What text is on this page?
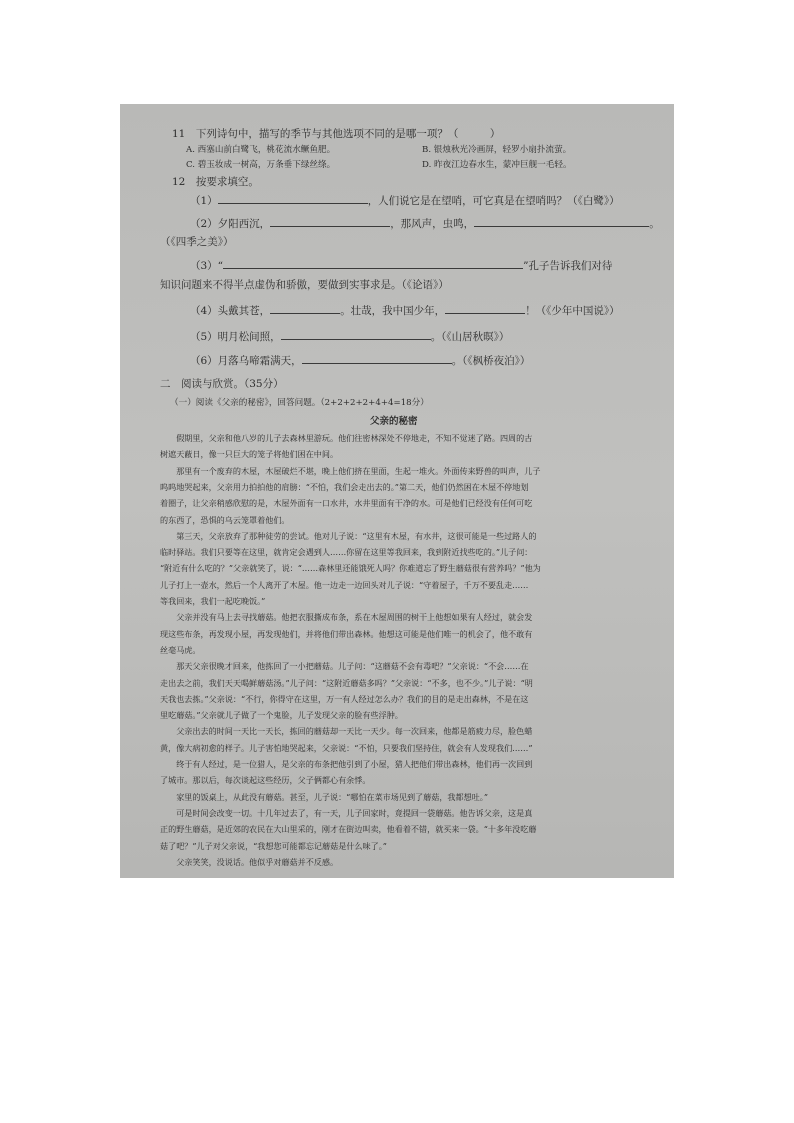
11　下列诗句中，描写的季节与其他选项不同的是哪一项？（　　　）
A. 西塞山前白鹭飞，桃花流水鳜鱼肥。	B. 银烛秋光冷画屏，轻罗小扇扑流萤。
C. 碧玉妆成一树高，万条垂下绿丝绦。	D. 昨夜江边春水生，蒙冲巨舰一毛轻。
12　按要求填空。
（1）	，人们说它是在望哨，可它真是在望哨吗？（《白鹭》）
（2）夕阳西沉，	，那风声，虫鸣，	。
（《四季之美》）
（3）“	”孔子告诉我们对待
知识问题来不得半点虚伪和骄傲，要做到实事求是。（《论语》）
（4）头戴其苍，	。壮哉，我中国少年，	！（《少年中国说》）
（5）明月松间照，	。（《山居秋暝》）
（6）月落乌啼霜满天，	。（《枫桥夜泊》）
二　阅读与欣赏。（35分）
（一）阅读《父亲的秘密》，回答问题。（2+2+2+2+4+4=18分）
父亲的秘密
　　假期里，父亲和他八岁的儿子去森林里游玩。他们往密林深处不停地走，不知不觉迷了路。四周的古
树遮天蔽日，像一只巨大的笼子将他们困在中间。
　　那里有一个废弃的木屋，木屋破烂不堪，晚上他们挤在里面，生起一堆火。外面传来野兽的叫声，儿子
呜呜地哭起来，父亲用力拍拍他的肩膀：“不怕，我们会走出去的。”第二天，他们仍然困在木屋不停地划
着圈子，让父亲稍感欣慰的是，木屋外面有一口水井，水井里面有干净的水。可是他们已经没有任何可吃
的东西了，恐惧的乌云笼罩着他们。
　　第三天，父亲放弃了那种徒劳的尝试。他对儿子说：“这里有木屋，有水井，这很可能是一些过路人的
临时驿站。我们只要等在这里，就肯定会遇到人……你留在这里等我回来，我到附近找些吃的。”儿子问：
“附近有什么吃的？”父亲就笑了，说：“……森林里还能饿死人吗？你难道忘了野生蘑菇很有营养吗？”他为
儿子打上一壶水，然后一个人离开了木屋。他一边走一边回头对儿子说：“守着屋子，千万不要乱走……
等我回来，我们一起吃晚饭。”
　　父亲并没有马上去寻找蘑菇。他把衣服撕成布条，系在木屋周围的树干上他想如果有人经过，就会发
现这些布条，再发现小屋，再发现他们，并将他们带出森林。他想这可能是他们唯一的机会了，他不敢有
丝毫马虎。
　　那天父亲很晚才回来，他拣回了一小把蘑菇。儿子问：“这蘑菇不会有毒吧？”父亲说：“不会……在
走出去之前，我们天天喝鲜蘑菇汤。”儿子问：“这附近蘑菇多吗？”父亲说：“不多，也不少。”儿子说：“明
天我也去拣。”父亲说：“不行，你得守在这里，万一有人经过怎么办？我们的目的是走出森林，不是在这
里吃蘑菇。”父亲就儿子做了一个鬼脸，儿子发现父亲的脸有些浮肿。
　　父亲出去的时间一天比一天长，拣回的蘑菇却一天比一天少。每一次回来，他都是筋疲力尽，脸色蜡
黄，像大病初愈的样子。儿子害怕地哭起来，父亲说：“不怕，只要我们坚持住，就会有人发现我们……”
　　终于有人经过，是一位猎人，是父亲的布条把他引到了小屋，猎人把他们带出森林，他们再一次回到
了城市。那以后，每次谈起这些经历，父子俩都心有余悸。
　　家里的饭桌上，从此没有蘑菇。甚至，儿子说：“哪怕在菜市场见到了蘑菇，我都想吐。”
　　可是时间会改变一切。十几年过去了，有一天，儿子回家时，竟提回一袋蘑菇。他告诉父亲，这是真
正的野生蘑菇，是近郊的农民在大山里采的，刚才在街边叫卖，他看着不错，就买来一袋。“十多年没吃蘑
菇了吧？”儿子对父亲说，“我想您可能都忘记蘑菇是什么味了。”
　　父亲笑笑，没说话。他似乎对蘑菇并不反感。
